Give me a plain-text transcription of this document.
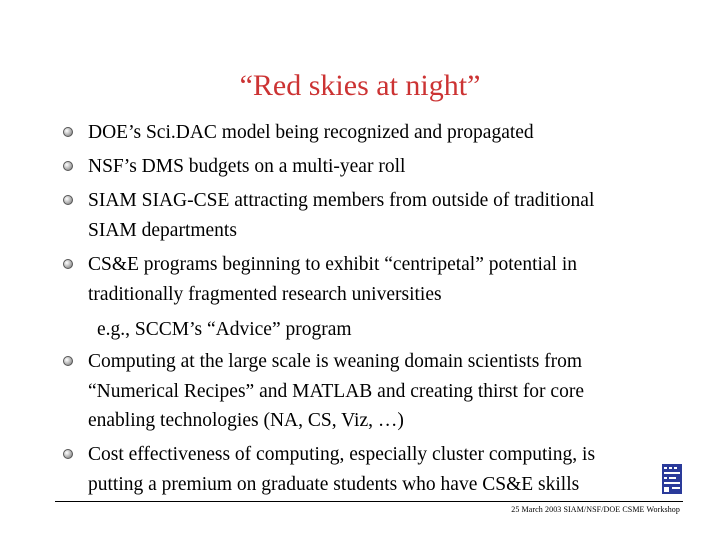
“Red skies at night”
DOE’s Sci.DAC model being recognized and propagated
NSF’s DMS budgets on a multi-year roll
SIAM SIAG-CSE attracting members from outside of traditional
SIAM departments
CS&E programs beginning to exhibit “centripetal” potential in
traditionally fragmented research universities
e.g., SCCM’s “Advice” program
Computing at the large scale is weaning domain scientists from
“Numerical Recipes” and MATLAB and creating thirst for core
enabling technologies (NA, CS, Viz, …)
Cost effectiveness of computing, especially cluster computing, is
putting a premium on graduate students who have CS&E skills
25 March 2003 SIAM/NSF/DOE CSME Workshop
